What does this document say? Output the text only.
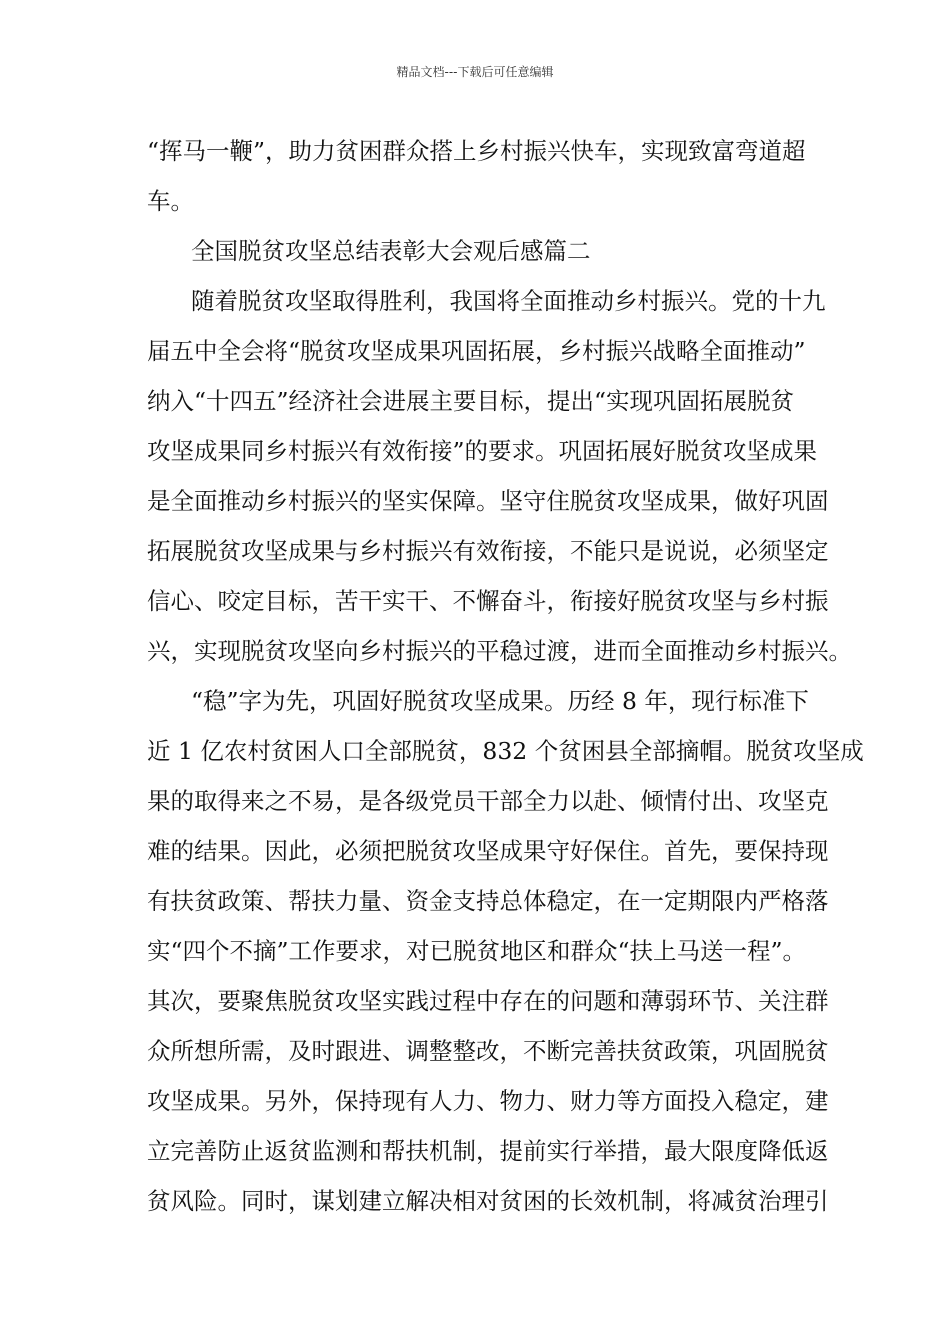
精品文档---下载后可任意编辑
“挥马一鞭”，助力贫困群众搭上乡村振兴快车，实现致富弯道超
车。
全国脱贫攻坚总结表彰大会观后感篇二
随着脱贫攻坚取得胜利，我国将全面推动乡村振兴。党的十九
届五中全会将“脱贫攻坚成果巩固拓展，乡村振兴战略全面推动”
纳入“十四五”经济社会进展主要目标，提出“实现巩固拓展脱贫
攻坚成果同乡村振兴有效衔接”的要求。巩固拓展好脱贫攻坚成果
是全面推动乡村振兴的坚实保障。坚守住脱贫攻坚成果，做好巩固
拓展脱贫攻坚成果与乡村振兴有效衔接，不能只是说说，必须坚定
信心、咬定目标，苦干实干、不懈奋斗，衔接好脱贫攻坚与乡村振
兴，实现脱贫攻坚向乡村振兴的平稳过渡，进而全面推动乡村振兴。
“稳”字为先，巩固好脱贫攻坚成果。历经 8 年，现行标准下
近 1 亿农村贫困人口全部脱贫，832 个贫困县全部摘帽。脱贫攻坚成
果的取得来之不易，是各级党员干部全力以赴、倾情付出、攻坚克
难的结果。因此，必须把脱贫攻坚成果守好保住。首先，要保持现
有扶贫政策、帮扶力量、资金支持总体稳定，在一定期限内严格落
实“四个不摘”工作要求，对已脱贫地区和群众“扶上马送一程”。
其次，要聚焦脱贫攻坚实践过程中存在的问题和薄弱环节、关注群
众所想所需，及时跟进、调整整改，不断完善扶贫政策，巩固脱贫
攻坚成果。另外，保持现有人力、物力、财力等方面投入稳定，建
立完善防止返贫监测和帮扶机制，提前实行举措，最大限度降低返
贫风险。同时，谋划建立解决相对贫困的长效机制，将减贫治理引
